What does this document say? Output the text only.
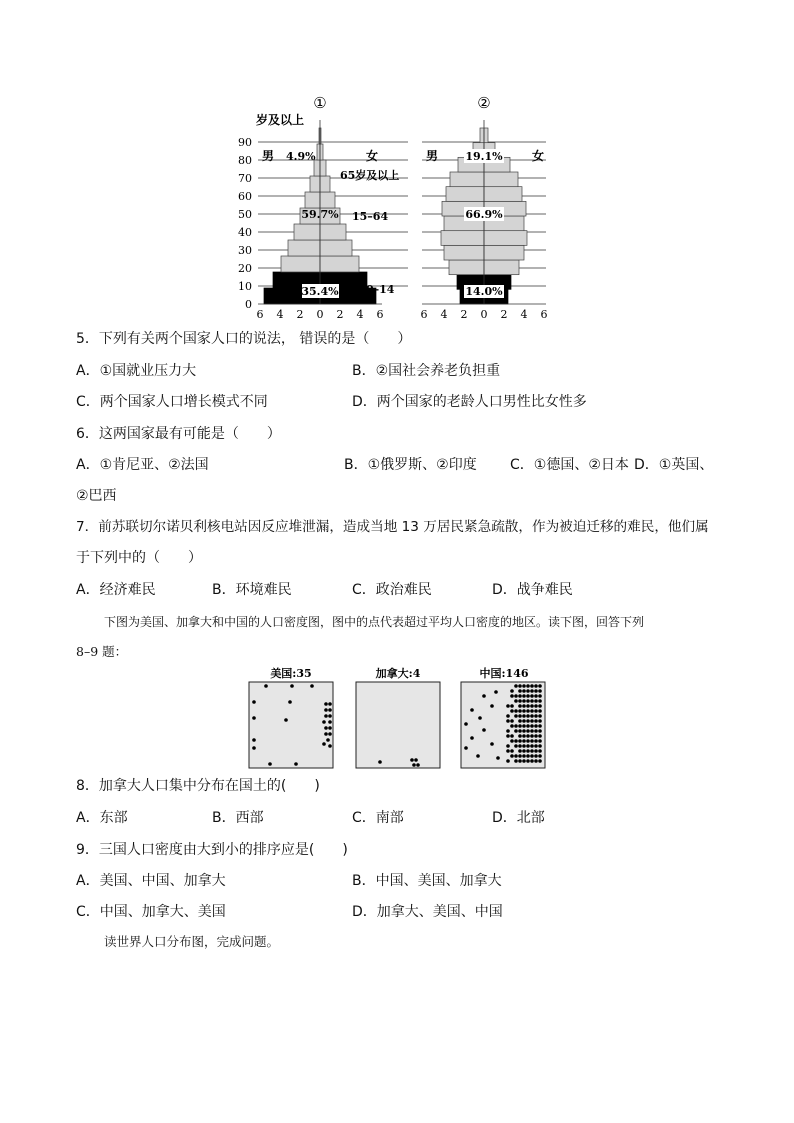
①
岁及以上
0
10
20
30
40
50
60
70
80
90
男 4.9%	女
65岁及以上
59.7% 15–64
35.4% 0–14
6 4 2 0 2 4 6
②
男 19.1% 女
66.9%
14.0%
6 4 2 0 2 4 6
5．下列有关两个国家人口的说法， 错误的是（　　）
A．①国就业压力大	B．②国社会养老负担重
C．两个国家人口增长模式不同	D．两个国家的老龄人口男性比女性多
6．这两国家最有可能是（　　）
A．①肯尼亚、②法国	B．①俄罗斯、②印度 C．①德国、②日本 D．①英国、
②巴西
7．前苏联切尔诺贝利核电站因反应堆泄漏，造成当地 13 万居民紧急疏散，作为被迫迁移的难民，他们属
于下列中的（　　）
A．经济难民	B．环境难民	C．政治难民	D．战争难民
下图为美国、加拿大和中国的人口密度图，图中的点代表超过平均人口密度的地区。读下图，回答下列
8–9 题：
美国:35	加拿大:4	中国:146
8．加拿大人口集中分布在国土的(　　)
A．东部	B．西部	C．南部	D．北部
9．三国人口密度由大到小的排序应是(　　)
A．美国、中国、加拿大	B．中国、美国、加拿大
C．中国、加拿大、美国	D．加拿大、美国、中国
读世界人口分布图，完成问题。
